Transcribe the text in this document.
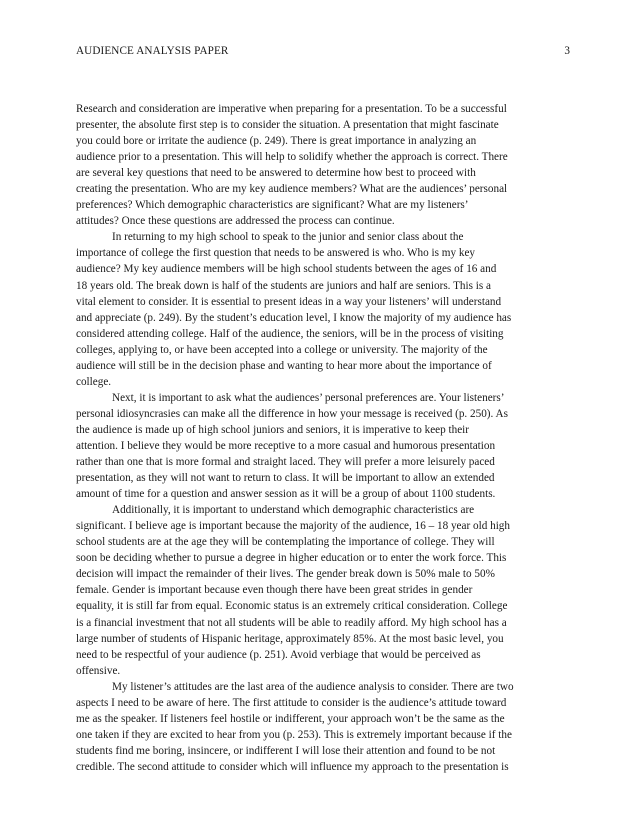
AUDIENCE ANALYSIS PAPER	3
Research and consideration are imperative when preparing for a presentation. To be a successful
presenter, the absolute first step is to consider the situation. A presentation that might fascinate
you could bore or irritate the audience (p. 249). There is great importance in analyzing an
audience prior to a presentation. This will help to solidify whether the approach is correct. There
are several key questions that need to be answered to determine how best to proceed with
creating the presentation. Who are my key audience members? What are the audiences’ personal
preferences? Which demographic characteristics are significant? What are my listeners’
attitudes? Once these questions are addressed the process can continue.
In returning to my high school to speak to the junior and senior class about the
importance of college the first question that needs to be answered is who. Who is my key
audience? My key audience members will be high school students between the ages of 16 and
18 years old. The break down is half of the students are juniors and half are seniors. This is a
vital element to consider. It is essential to present ideas in a way your listeners’ will understand
and appreciate (p. 249). By the student’s education level, I know the majority of my audience has
considered attending college. Half of the audience, the seniors, will be in the process of visiting
colleges, applying to, or have been accepted into a college or university. The majority of the
audience will still be in the decision phase and wanting to hear more about the importance of
college.
Next, it is important to ask what the audiences’ personal preferences are. Your listeners’
personal idiosyncrasies can make all the difference in how your message is received (p. 250). As
the audience is made up of high school juniors and seniors, it is imperative to keep their
attention. I believe they would be more receptive to a more casual and humorous presentation
rather than one that is more formal and straight laced. They will prefer a more leisurely paced
presentation, as they will not want to return to class. It will be important to allow an extended
amount of time for a question and answer session as it will be a group of about 1100 students.
Additionally, it is important to understand which demographic characteristics are
significant. I believe age is important because the majority of the audience, 16 – 18 year old high
school students are at the age they will be contemplating the importance of college. They will
soon be deciding whether to pursue a degree in higher education or to enter the work force. This
decision will impact the remainder of their lives. The gender break down is 50% male to 50%
female. Gender is important because even though there have been great strides in gender
equality, it is still far from equal. Economic status is an extremely critical consideration. College
is a financial investment that not all students will be able to readily afford. My high school has a
large number of students of Hispanic heritage, approximately 85%. At the most basic level, you
need to be respectful of your audience (p. 251). Avoid verbiage that would be perceived as
offensive.
My listener’s attitudes are the last area of the audience analysis to consider. There are two
aspects I need to be aware of here. The first attitude to consider is the audience’s attitude toward
me as the speaker. If listeners feel hostile or indifferent, your approach won’t be the same as the
one taken if they are excited to hear from you (p. 253). This is extremely important because if the
students find me boring, insincere, or indifferent I will lose their attention and found to be not
credible. The second attitude to consider which will influence my approach to the presentation is
